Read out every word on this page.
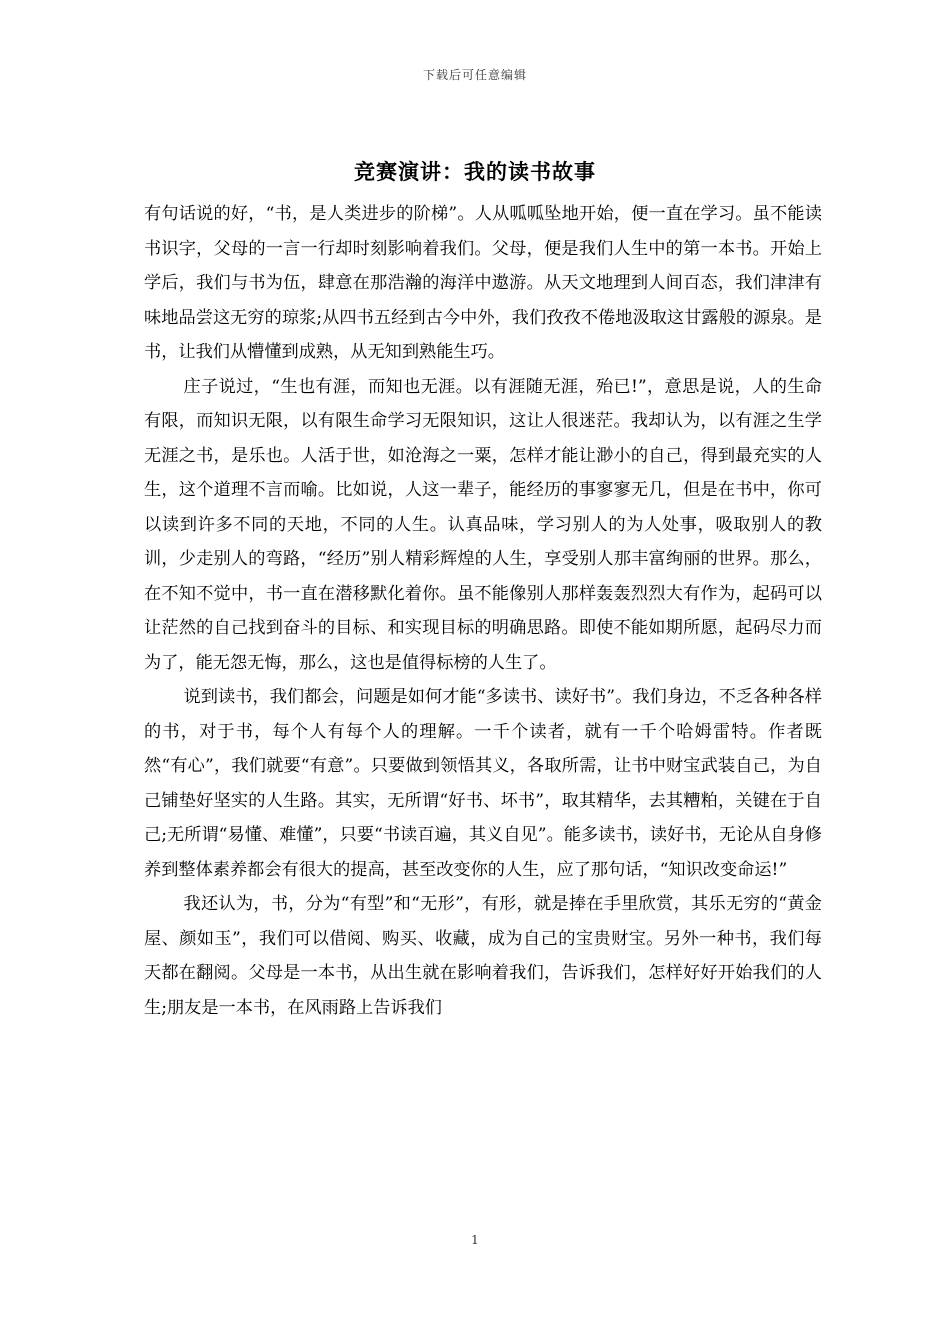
下载后可任意编辑
竞赛演讲：我的读书故事

有句话说的好，“书，是人类进步的阶梯”。人从呱呱坠地开始，便一直在学习。虽不能读书识字，父母的一言一行却时刻影响着我们。父母，便是我们人生中的第一本书。开始上学后，我们与书为伍，肆意在那浩瀚的海洋中遨游。从天文地理到人间百态，我们津津有味地品尝这无穷的琼浆;从四书五经到古今中外，我们孜孜不倦地汲取这甘露般的源泉。是书，让我们从懵懂到成熟，从无知到熟能生巧。

庄子说过，“生也有涯，而知也无涯。以有涯随无涯，殆已!”，意思是说，人的生命有限，而知识无限，以有限生命学习无限知识，这让人很迷茫。我却认为，以有涯之生学无涯之书，是乐也。人活于世，如沧海之一粟，怎样才能让渺小的自己，得到最充实的人生，这个道理不言而喻。比如说，人这一辈子，能经历的事寥寥无几，但是在书中，你可以读到许多不同的天地，不同的人生。认真品味，学习别人的为人处事，吸取别人的教训，少走别人的弯路，“经历”别人精彩辉煌的人生，享受别人那丰富绚丽的世界。那么，在不知不觉中，书一直在潜移默化着你。虽不能像别人那样轰轰烈烈大有作为，起码可以让茫然的自己找到奋斗的目标、和实现目标的明确思路。即使不能如期所愿，起码尽力而为了，能无怨无悔，那么，这也是值得标榜的人生了。

说到读书，我们都会，问题是如何才能“多读书、读好书”。我们身边，不乏各种各样的书，对于书，每个人有每个人的理解。一千个读者，就有一千个哈姆雷特。作者既然“有心”，我们就要“有意”。只要做到领悟其义，各取所需，让书中财宝武装自己，为自己铺垫好坚实的人生路。其实，无所谓“好书、坏书”，取其精华，去其糟粕，关键在于自己;无所谓“易懂、难懂”，只要“书读百遍，其义自见”。能多读书，读好书，无论从自身修养到整体素养都会有很大的提高，甚至改变你的人生，应了那句话，“知识改变命运!”

我还认为，书，分为“有型”和“无形”，有形，就是捧在手里欣赏，其乐无穷的“黄金屋、颜如玉”，我们可以借阅、购买、收藏，成为自己的宝贵财宝。另外一种书，我们每天都在翻阅。父母是一本书，从出生就在影响着我们，告诉我们，怎样好好开始我们的人生;朋友是一本书，在风雨路上告诉我们

1
